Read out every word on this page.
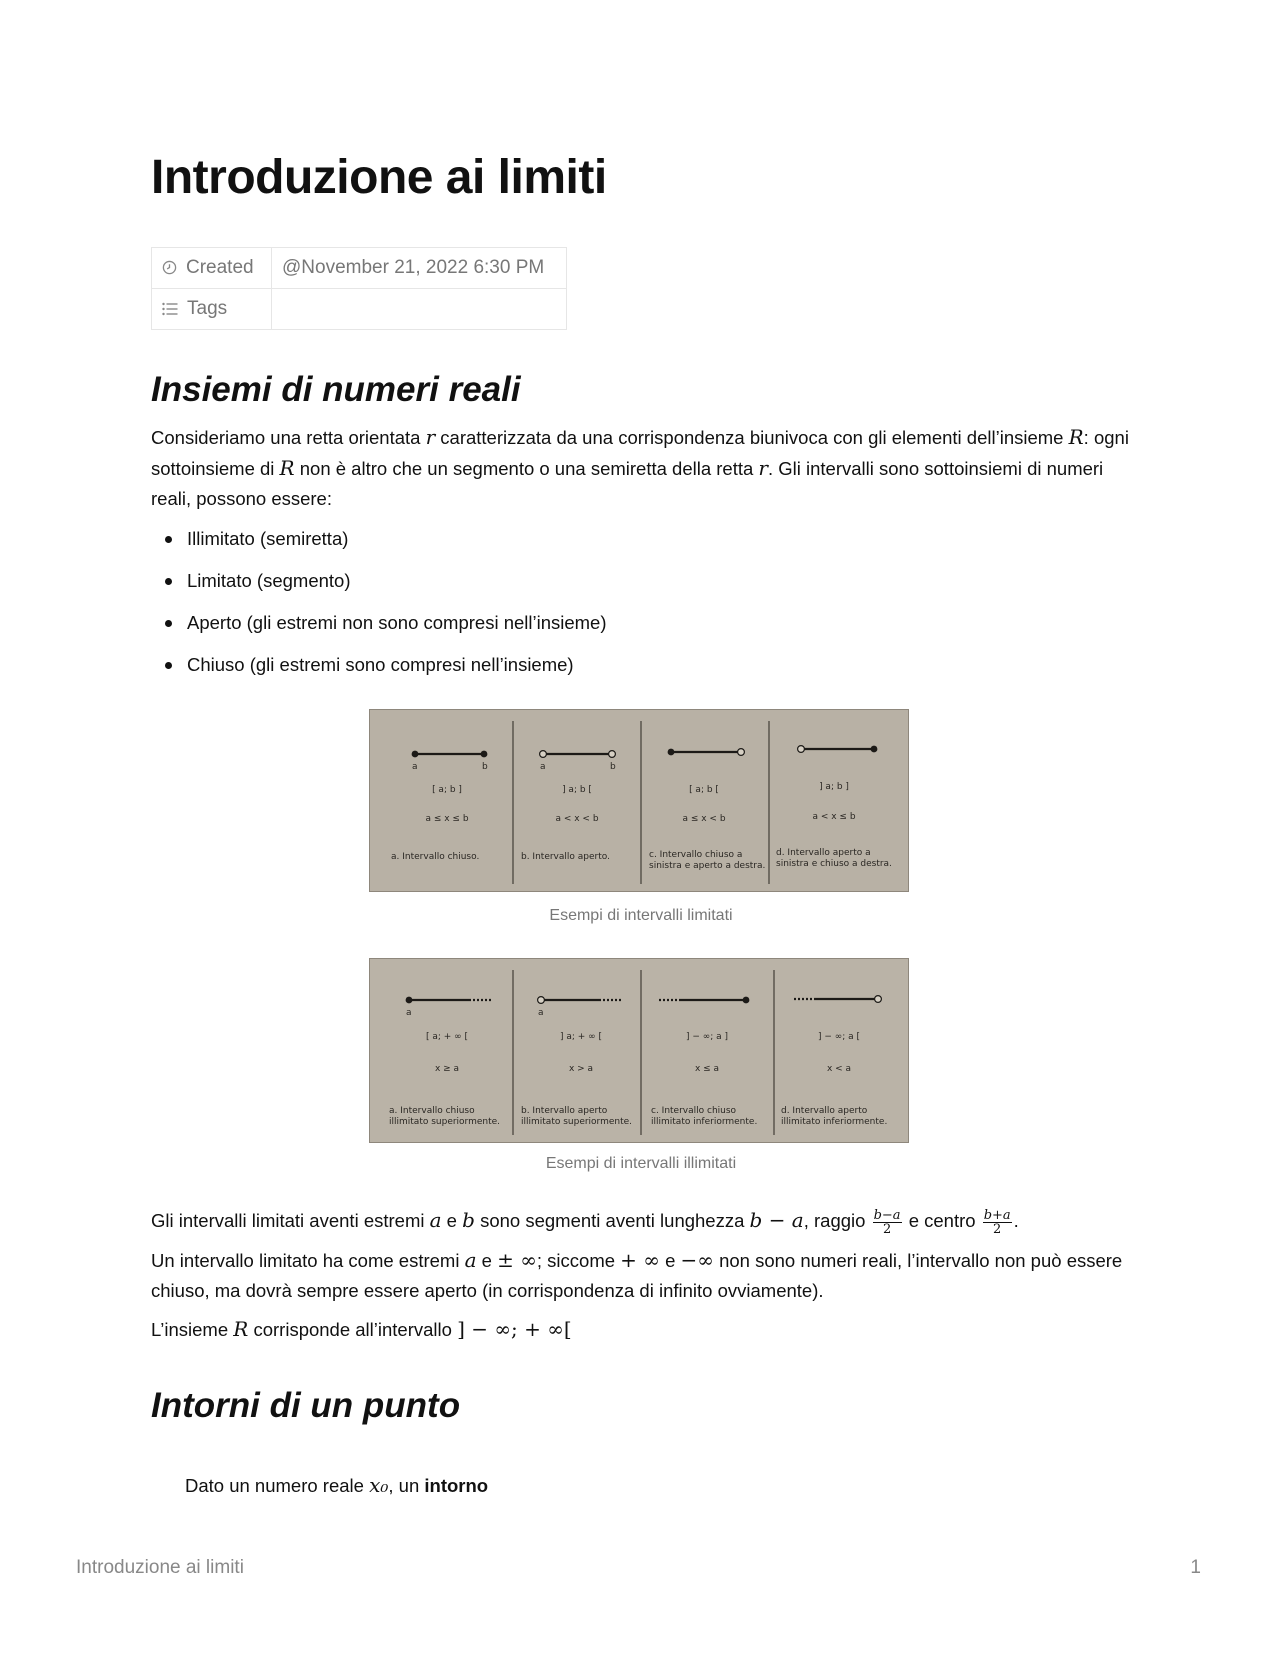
Introduzione ai limiti
Created	@November 21, 2022 6:30 PM
Tags	
Insiemi di numeri reali

Consideriamo una retta orientata r caratterizzata da una corrispondenza biunivoca con gli elementi dell’insieme R: ogni sottoinsieme di R non è altro che un segmento o una semiretta della retta r. Gli intervalli sono sottoinsiemi di numeri reali, possono essere:

Illimitato (semiretta)
Limitato (segmento)
Aperto (gli estremi non sono compresi nell’insieme)
Chiuso (gli estremi sono compresi nell’insieme)
a	b
[ a; b ]
a ≤ x ≤ b
a. Intervallo chiuso.
a	b
] a; b [
a < x < b
b. Intervallo aperto.
[ a; b [
a ≤ x < b
c. Intervallo chiuso a
sinistra e aperto a destra.
] a; b ]
a < x ≤ b
d. Intervallo aperto a
sinistra e chiuso a destra.
Esempi di intervalli limitati
a
[ a; + ∞ [
x ≥ a
a. Intervallo chiuso
illimitato superiormente.
a
] a; + ∞ [
x > a
b. Intervallo aperto
illimitato superiormente.
] − ∞; a ]
x ≤ a
c. Intervallo chiuso
illimitato inferiormente.
] − ∞; a [
x < a
d. Intervallo aperto
illimitato inferiormente.
Esempi di intervalli illimitati

Gli intervalli limitati aventi estremi a e b sono segmenti aventi lunghezza b − a, raggio $\frac{b-a}{2}$ e centro $\frac{b+a}{2}$ .

Un intervallo limitato ha come estremi a e ± ∞; siccome + ∞ e −∞ non sono numeri reali, l’intervallo non può essere chiuso, ma dovrà sempre essere aperto (in corrispondenza di infinito ovviamente).

L’insieme R corrisponde all’intervallo ] − ∞; + ∞[

Intorni di un punto

Dato un numero reale x₀, un intorno

Introduzione ai limiti	1
